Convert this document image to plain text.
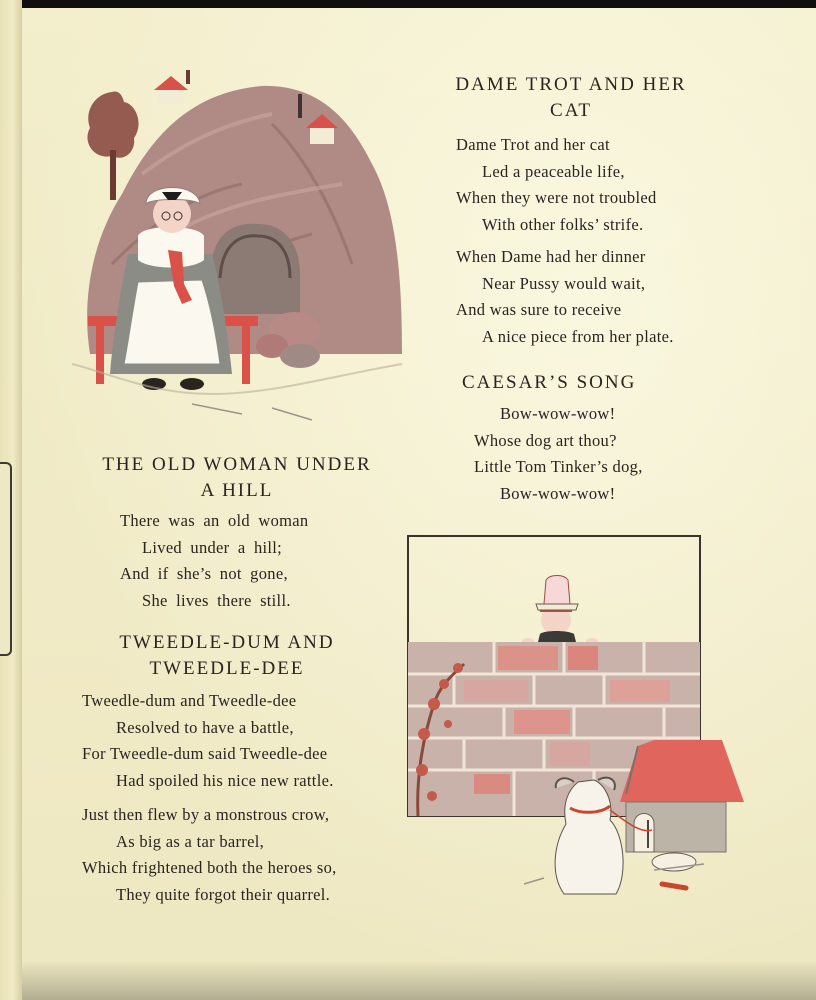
DAME TROT AND HER
CAT
Dame Trot and her cat
Led a peaceable life,
When they were not troubled
With other folks’ strife.
When Dame had her dinner
Near Pussy would wait,
And was sure to receive
A nice piece from her plate.
CAESAR’S SONG
Bow-wow-wow!
Whose dog art thou?
Little Tom Tinker’s dog,
Bow-wow-wow!
THE OLD WOMAN UNDER
A HILL
There was an old woman
Lived under a hill;
And if she’s not gone,
She lives there still.
TWEEDLE-DUM AND
TWEEDLE-DEE
Tweedle-dum and Tweedle-dee
Resolved to have a battle,
For Tweedle-dum said Tweedle-dee
Had spoiled his nice new rattle.
Just then flew by a monstrous crow,
As big as a tar barrel,
Which frightened both the heroes so,
They quite forgot their quarrel.
